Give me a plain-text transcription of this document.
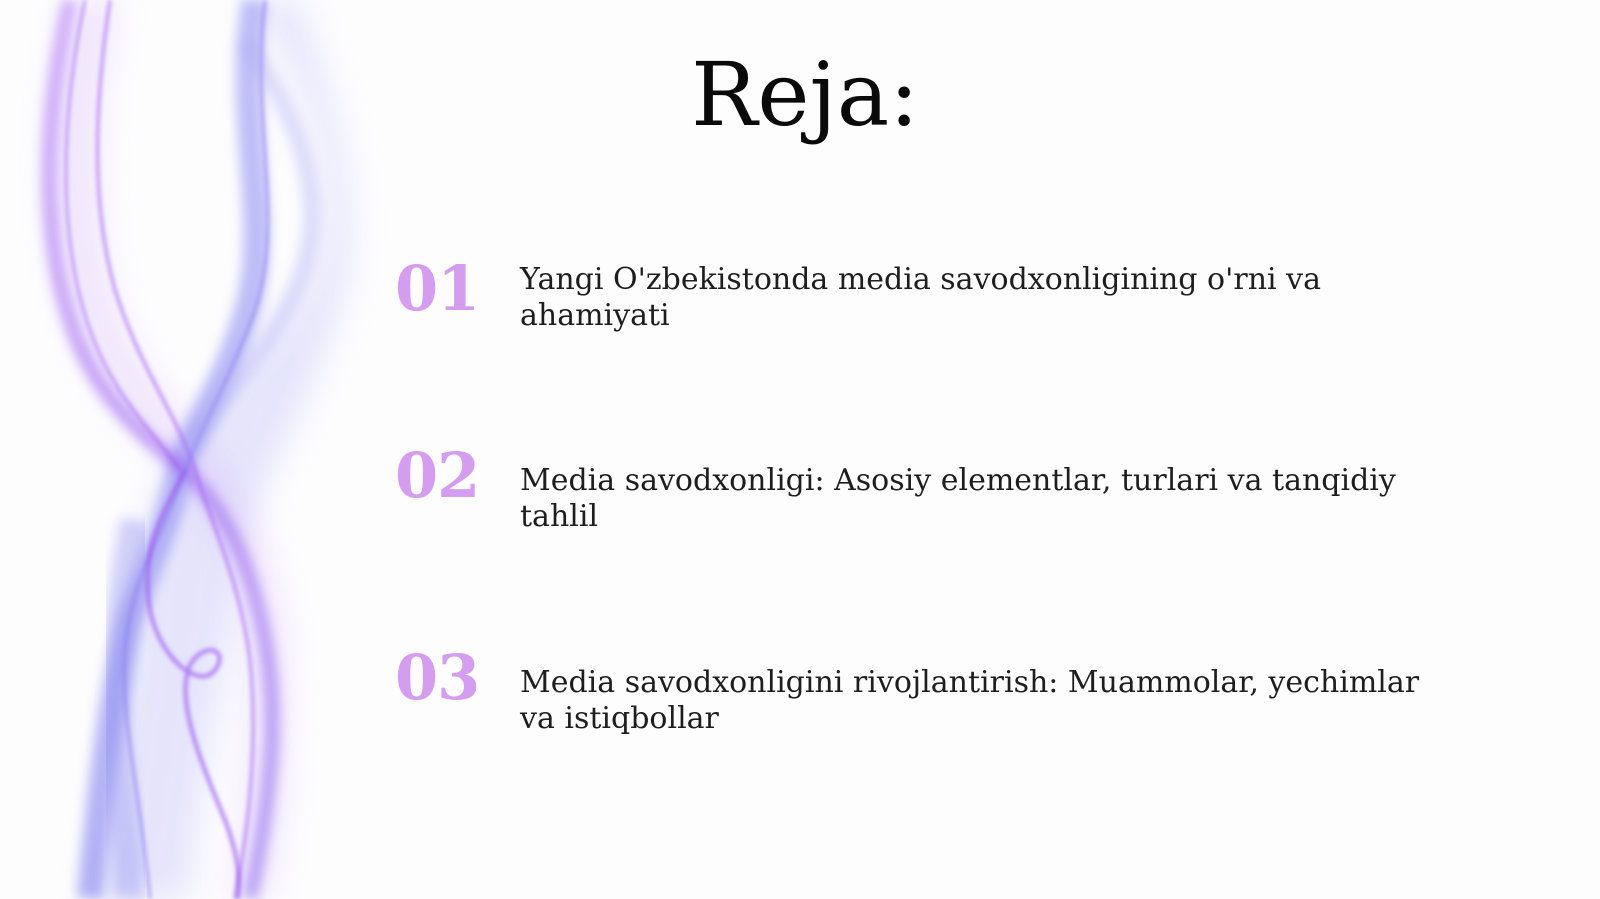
Reja:
01	Yangi O'zbekistonda media savodxonligining o'rni va ahamiyati
02	Media savodxonligi: Asosiy elementlar, turlari va tanqidiy tahlil
03	Media savodxonligini rivojlantirish: Muammolar, yechimlar va istiqbollar
